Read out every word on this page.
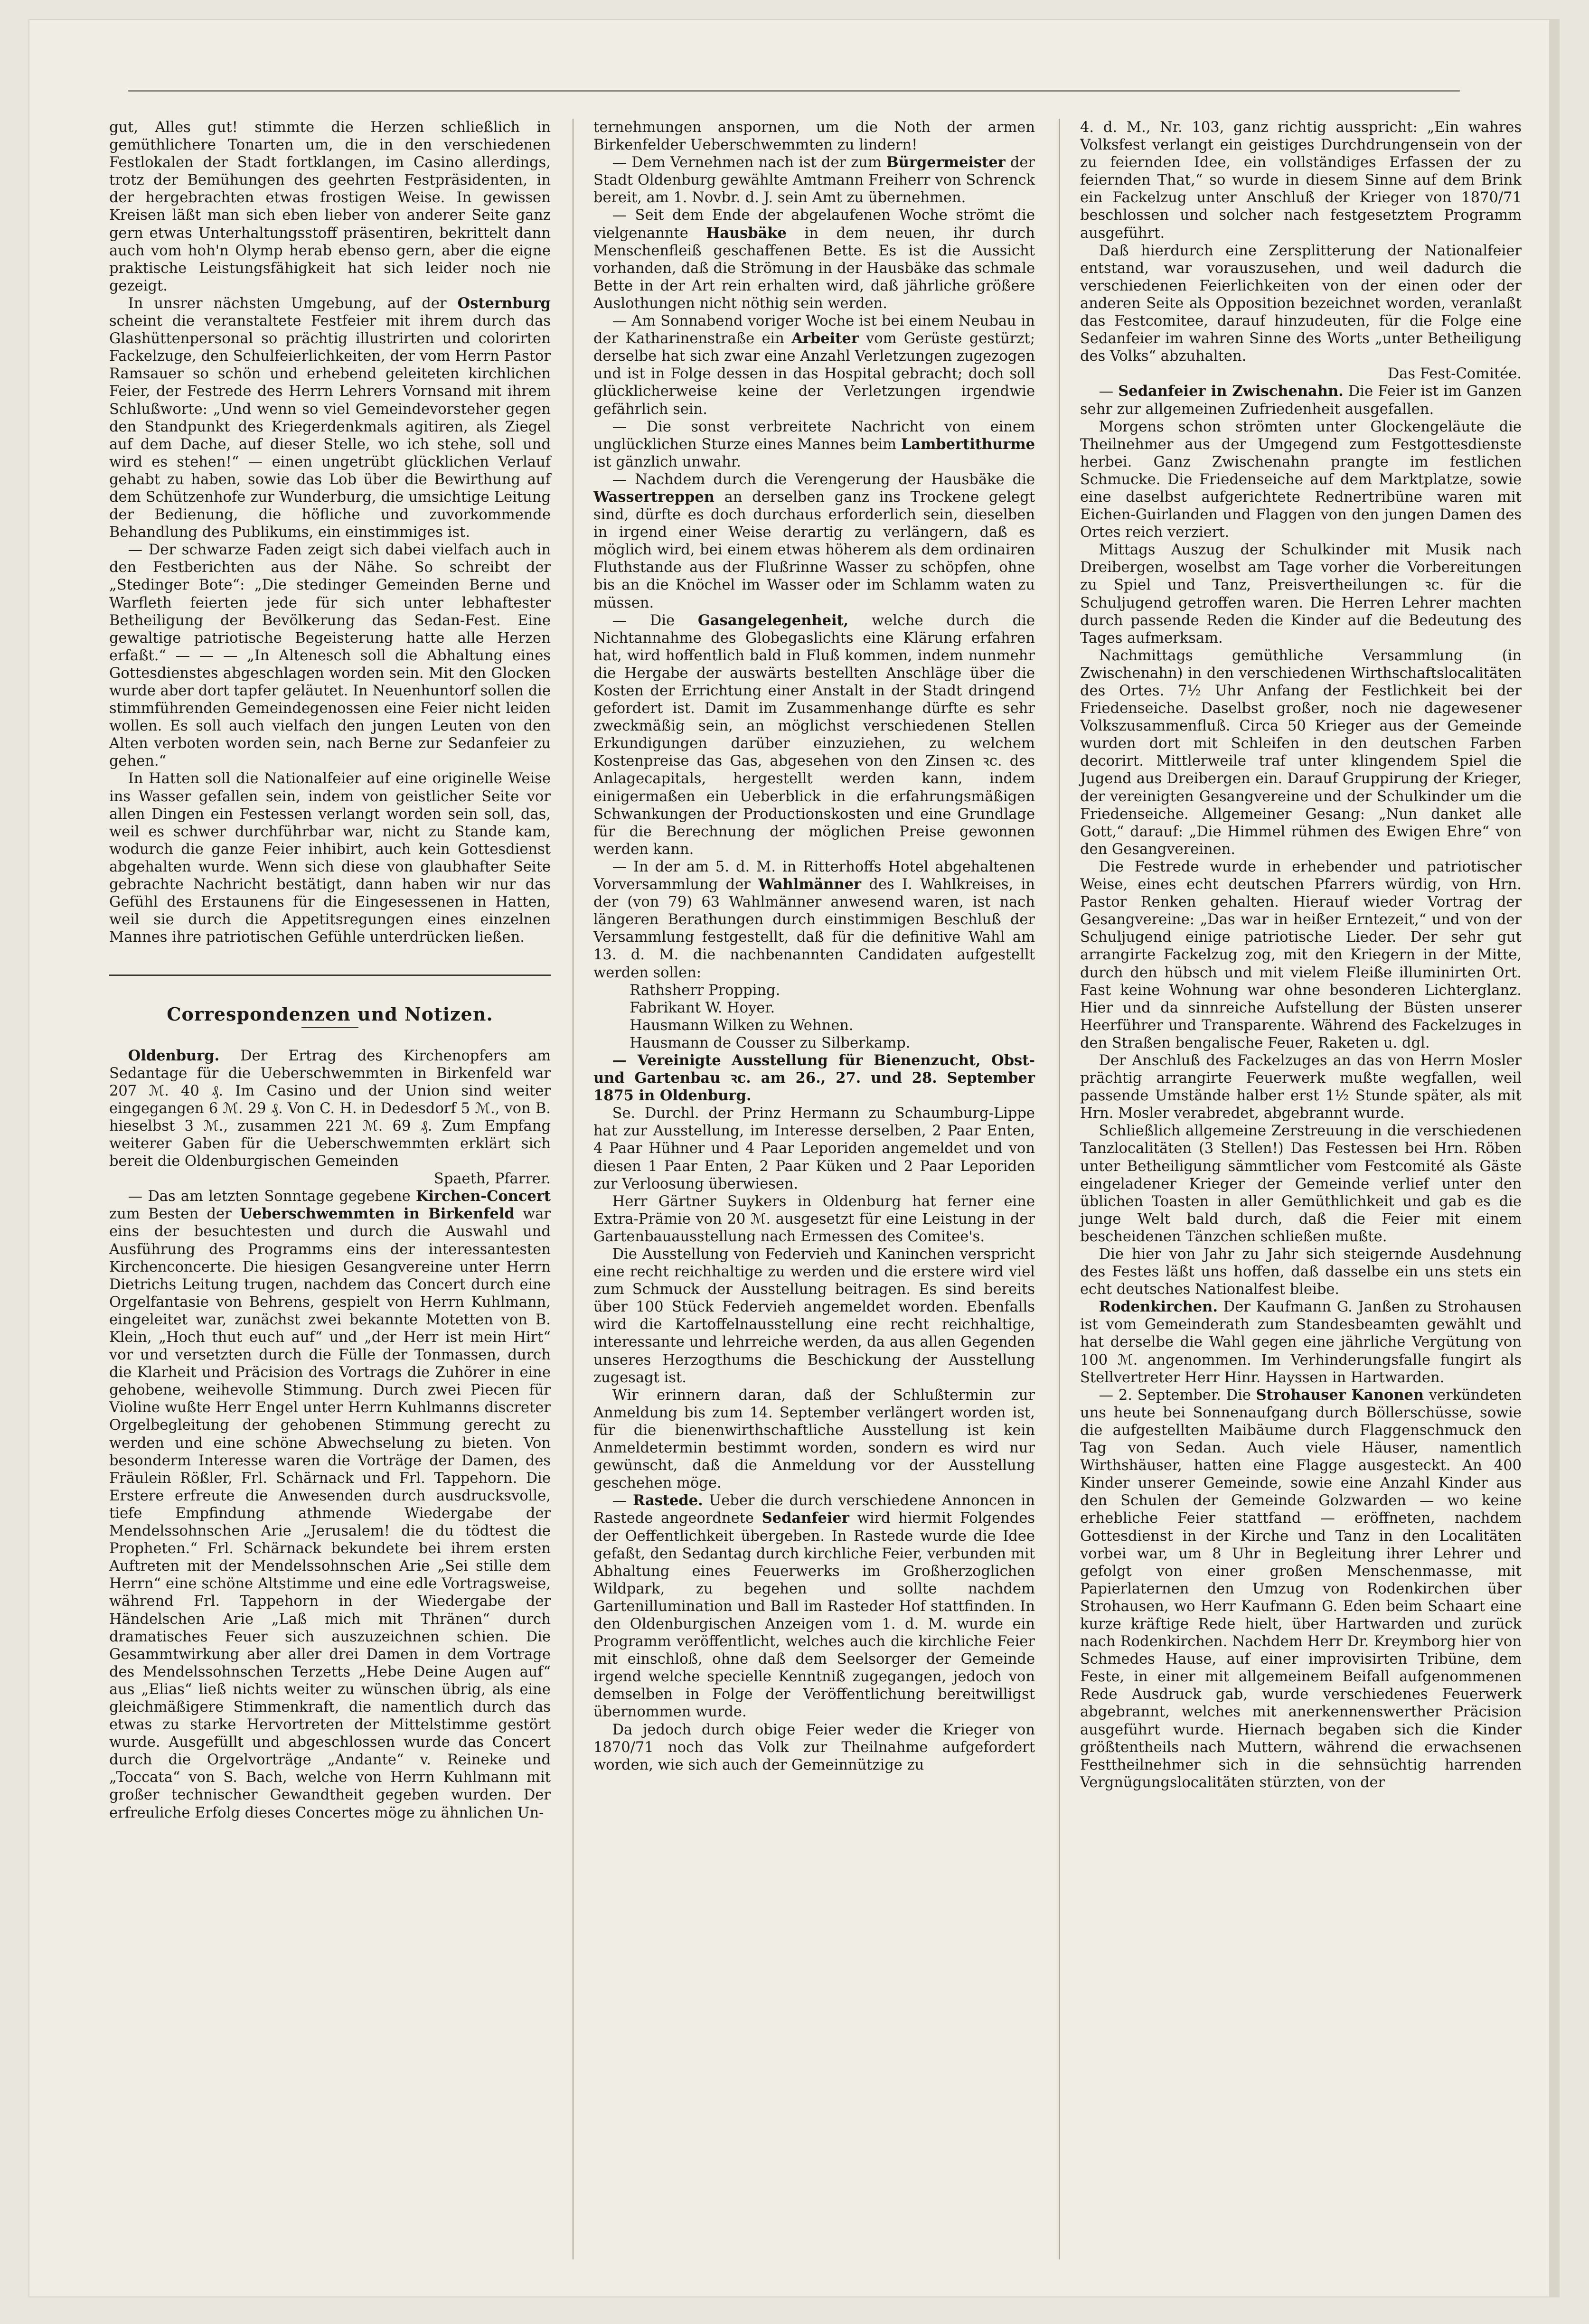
gut, Alles gut! stimmte die Herzen schließlich in gemüthlichere Tonarten um, die in den verschiedenen Festlokalen der Stadt fortklangen, im Casino allerdings, trotz der Bemühungen des geehrten Festpräsidenten, in der hergebrachten etwas frostigen Weise. In gewissen Kreisen läßt man sich eben lieber von anderer Seite ganz gern etwas Unterhaltungsstoff präsentiren, bekrittelt dann auch vom hoh'n Olymp herab ebenso gern, aber die eigne praktische Leistungsfähigkeit hat sich leider noch nie gezeigt.

In unsrer nächsten Umgebung, auf der Osternburg scheint die veranstaltete Festfeier mit ihrem durch das Glashüttenpersonal so prächtig illustrirten und colorirten Fackelzuge, den Schulfeierlichkeiten, der vom Herrn Pastor Ramsauer so schön und erhebend geleiteten kirchlichen Feier, der Festrede des Herrn Lehrers Vornsand mit ihrem Schlußworte: „Und wenn so viel Gemeindevorsteher gegen den Standpunkt des Kriegerdenkmals agitiren, als Ziegel auf dem Dache, auf dieser Stelle, wo ich stehe, soll und wird es stehen!“ — einen ungetrübt glücklichen Verlauf gehabt zu haben, sowie das Lob über die Bewirthung auf dem Schützenhofe zur Wunderburg, die umsichtige Leitung der Bedienung, die höfliche und zuvorkommende Behandlung des Publikums, ein einstimmiges ist.

— Der schwarze Faden zeigt sich dabei vielfach auch in den Festberichten aus der Nähe. So schreibt der „Stedinger Bote“: „Die stedinger Gemeinden Berne und Warfleth feierten jede für sich unter lebhaftester Betheiligung der Bevölkerung das Sedan-Fest. Eine gewaltige patriotische Begeisterung hatte alle Herzen erfaßt.“ — — — „In Altenesch soll die Abhaltung eines Gottesdienstes abgeschlagen worden sein. Mit den Glocken wurde aber dort tapfer geläutet. In Neuenhuntorf sollen die stimmführenden Gemeindegenossen eine Feier nicht leiden wollen. Es soll auch vielfach den jungen Leuten von den Alten verboten worden sein, nach Berne zur Sedanfeier zu gehen.“

In Hatten soll die Nationalfeier auf eine originelle Weise ins Wasser gefallen sein, indem von geistlicher Seite vor allen Dingen ein Festessen verlangt worden sein soll, das, weil es schwer durchführbar war, nicht zu Stande kam, wodurch die ganze Feier inhibirt, auch kein Gottesdienst abgehalten wurde. Wenn sich diese von glaubhafter Seite gebrachte Nachricht bestätigt, dann haben wir nur das Gefühl des Erstaunens für die Eingesessenen in Hatten, weil sie durch die Appetitsregungen eines einzelnen Mannes ihre patriotischen Gefühle unterdrücken ließen.

Correspondenzen und Notizen.

Oldenburg. Der Ertrag des Kirchenopfers am Sedantage für die Ueberschwemmten in Birkenfeld war 207 ℳ. 40 ₰. Im Casino und der Union sind weiter eingegangen 6 ℳ. 29 ₰. Von C. H. in Dedesdorf 5 ℳ., von B. hieselbst 3 ℳ., zusammen 221 ℳ. 69 ₰. Zum Empfang weiterer Gaben für die Ueberschwemmten erklärt sich bereit die Oldenburgischen Gemeinden

Spaeth, Pfarrer.

— Das am letzten Sonntage gegebene Kirchen-Concert zum Besten der Ueberschwemmten in Birkenfeld war eins der besuchtesten und durch die Auswahl und Ausführung des Programms eins der interessantesten Kirchenconcerte. Die hiesigen Gesangvereine unter Herrn Dietrichs Leitung trugen, nachdem das Concert durch eine Orgelfantasie von Behrens, gespielt von Herrn Kuhlmann, eingeleitet war, zunächst zwei bekannte Motetten von B. Klein, „Hoch thut euch auf“ und „der Herr ist mein Hirt“ vor und versetzten durch die Fülle der Tonmassen, durch die Klarheit und Präcision des Vortrags die Zuhörer in eine gehobene, weihevolle Stimmung. Durch zwei Piecen für Violine wußte Herr Engel unter Herrn Kuhlmanns discreter Orgelbegleitung der gehobenen Stimmung gerecht zu werden und eine schöne Abwechselung zu bieten. Von besonderm Interesse waren die Vorträge der Damen, des Fräulein Rößler, Frl. Schärnack und Frl. Tappehorn. Die Erstere erfreute die Anwesenden durch ausdrucksvolle, tiefe Empfindung athmende Wiedergabe der Mendelssohnschen Arie „Jerusalem! die du tödtest die Propheten.“ Frl. Schärnack bekundete bei ihrem ersten Auftreten mit der Mendelssohnschen Arie „Sei stille dem Herrn“ eine schöne Altstimme und eine edle Vortragsweise, während Frl. Tappehorn in der Wiedergabe der Händelschen Arie „Laß mich mit Thränen“ durch dramatisches Feuer sich auszuzeichnen schien. Die Gesammtwirkung aber aller drei Damen in dem Vortrage des Mendelssohnschen Terzetts „Hebe Deine Augen auf“ aus „Elias“ ließ nichts weiter zu wünschen übrig, als eine gleichmäßigere Stimmenkraft, die namentlich durch das etwas zu starke Hervortreten der Mittelstimme gestört wurde. Ausgefüllt und abgeschlossen wurde das Concert durch die Orgelvorträge „Andante“ v. Reineke und „Toccata“ von S. Bach, welche von Herrn Kuhlmann mit großer technischer Gewandtheit gegeben wurden. Der erfreuliche Erfolg dieses Concertes möge zu ähnlichen Un-

ternehmungen anspornen, um die Noth der armen Birkenfelder Ueberschwemmten zu lindern!

— Dem Vernehmen nach ist der zum Bürgermeister der Stadt Oldenburg gewählte Amtmann Freiherr von Schrenck bereit, am 1. Novbr. d. J. sein Amt zu übernehmen.

— Seit dem Ende der abgelaufenen Woche strömt die vielgenannte Hausbäke in dem neuen, ihr durch Menschenfleiß geschaffenen Bette. Es ist die Aussicht vorhanden, daß die Strömung in der Hausbäke das schmale Bette in der Art rein erhalten wird, daß jährliche größere Auslothungen nicht nöthig sein werden.

— Am Sonnabend voriger Woche ist bei einem Neubau in der Katharinenstraße ein Arbeiter vom Gerüste gestürzt; derselbe hat sich zwar eine Anzahl Verletzungen zugezogen und ist in Folge dessen in das Hospital gebracht; doch soll glücklicherweise keine der Verletzungen irgendwie gefährlich sein.

— Die sonst verbreitete Nachricht von einem unglücklichen Sturze eines Mannes beim Lambertithurme ist gänzlich unwahr.

— Nachdem durch die Verengerung der Hausbäke die Wassertreppen an derselben ganz ins Trockene gelegt sind, dürfte es doch durchaus erforderlich sein, dieselben in irgend einer Weise derartig zu verlängern, daß es möglich wird, bei einem etwas höherem als dem ordinairen Fluthstande aus der Flußrinne Wasser zu schöpfen, ohne bis an die Knöchel im Wasser oder im Schlamm waten zu müssen.

— Die Gasangelegenheit, welche durch die Nichtannahme des Globegaslichts eine Klärung erfahren hat, wird hoffentlich bald in Fluß kommen, indem nunmehr die Hergabe der auswärts bestellten Anschläge über die Kosten der Errichtung einer Anstalt in der Stadt dringend gefordert ist. Damit im Zusammenhange dürfte es sehr zweckmäßig sein, an möglichst verschiedenen Stellen Erkundigungen darüber einzuziehen, zu welchem Kostenpreise das Gas, abgesehen von den Zinsen ꝛc. des Anlagecapitals, hergestellt werden kann, indem einigermaßen ein Ueberblick in die erfahrungsmäßigen Schwankungen der Productionskosten und eine Grundlage für die Berechnung der möglichen Preise gewonnen werden kann.

— In der am 5. d. M. in Ritterhoffs Hotel abgehaltenen Vorversammlung der Wahlmänner des I. Wahlkreises, in der (von 79) 63 Wahlmänner anwesend waren, ist nach längeren Berathungen durch einstimmigen Beschluß der Versammlung festgestellt, daß für die definitive Wahl am 13. d. M. die nachbenannten Candidaten aufgestellt werden sollen:

Rathsherr Propping.

Fabrikant W. Hoyer.

Hausmann Wilken zu Wehnen.

Hausmann de Cousser zu Silberkamp.

— Vereinigte Ausstellung für Bienenzucht, Obst- und Gartenbau ꝛc. am 26., 27. und 28. September 1875 in Oldenburg.

Se. Durchl. der Prinz Hermann zu Schaumburg-Lippe hat zur Ausstellung, im Interesse derselben, 2 Paar Enten, 4 Paar Hühner und 4 Paar Leporiden angemeldet und von diesen 1 Paar Enten, 2 Paar Küken und 2 Paar Leporiden zur Verloosung überwiesen.

Herr Gärtner Suykers in Oldenburg hat ferner eine Extra-Prämie von 20 ℳ. ausgesetzt für eine Leistung in der Gartenbauausstellung nach Ermessen des Comitee's.

Die Ausstellung von Federvieh und Kaninchen verspricht eine recht reichhaltige zu werden und die erstere wird viel zum Schmuck der Ausstellung beitragen. Es sind bereits über 100 Stück Federvieh angemeldet worden. Ebenfalls wird die Kartoffelnausstellung eine recht reichhaltige, interessante und lehrreiche werden, da aus allen Gegenden unseres Herzogthums die Beschickung der Ausstellung zugesagt ist.

Wir erinnern daran, daß der Schlußtermin zur Anmeldung bis zum 14. September verlängert worden ist, für die bienenwirthschaftliche Ausstellung ist kein Anmeldetermin bestimmt worden, sondern es wird nur gewünscht, daß die Anmeldung vor der Ausstellung geschehen möge.

— Rastede. Ueber die durch verschiedene Annoncen in Rastede angeordnete Sedanfeier wird hiermit Folgendes der Oeffentlichkeit übergeben. In Rastede wurde die Idee gefaßt, den Sedantag durch kirchliche Feier, verbunden mit Abhaltung eines Feuerwerks im Großherzoglichen Wildpark, zu begehen und sollte nachdem Gartenillumination und Ball im Rasteder Hof stattfinden. In den Oldenburgischen Anzeigen vom 1. d. M. wurde ein Programm veröffentlicht, welches auch die kirchliche Feier mit einschloß, ohne daß dem Seelsorger der Gemeinde irgend welche specielle Kenntniß zugegangen, jedoch von demselben in Folge der Veröffentlichung bereitwilligst übernommen wurde.

Da jedoch durch obige Feier weder die Krieger von 1870/71 noch das Volk zur Theilnahme aufgefordert worden, wie sich auch der Gemeinnützige zu

4. d. M., Nr. 103, ganz richtig ausspricht: „Ein wahres Volksfest verlangt ein geistiges Durchdrungensein von der zu feiernden Idee, ein vollständiges Erfassen der zu feiernden That,“ so wurde in diesem Sinne auf dem Brink ein Fackelzug unter Anschluß der Krieger von 1870/71 beschlossen und solcher nach festgesetztem Programm ausgeführt.

Daß hierdurch eine Zersplitterung der Nationalfeier entstand, war vorauszusehen, und weil dadurch die verschiedenen Feierlichkeiten von der einen oder der anderen Seite als Opposition bezeichnet worden, veranlaßt das Festcomitee, darauf hinzudeuten, für die Folge eine Sedanfeier im wahren Sinne des Worts „unter Betheiligung des Volks“ abzuhalten.

Das Fest-Comitée.

— Sedanfeier in Zwischenahn. Die Feier ist im Ganzen sehr zur allgemeinen Zufriedenheit ausgefallen.

Morgens schon strömten unter Glockengeläute die Theilnehmer aus der Umgegend zum Festgottesdienste herbei. Ganz Zwischenahn prangte im festlichen Schmucke. Die Friedenseiche auf dem Marktplatze, sowie eine daselbst aufgerichtete Rednertribüne waren mit Eichen-Guirlanden und Flaggen von den jungen Damen des Ortes reich verziert.

Mittags Auszug der Schulkinder mit Musik nach Dreibergen, woselbst am Tage vorher die Vorbereitungen zu Spiel und Tanz, Preisvertheilungen ꝛc. für die Schuljugend getroffen waren. Die Herren Lehrer machten durch passende Reden die Kinder auf die Bedeutung des Tages aufmerksam.

Nachmittags gemüthliche Versammlung (in Zwischenahn) in den verschiedenen Wirthschaftslocalitäten des Ortes. 7½ Uhr Anfang der Festlichkeit bei der Friedenseiche. Daselbst großer, noch nie dagewesener Volkszusammenfluß. Circa 50 Krieger aus der Gemeinde wurden dort mit Schleifen in den deutschen Farben decorirt. Mittlerweile traf unter klingendem Spiel die Jugend aus Dreibergen ein. Darauf Gruppirung der Krieger, der vereinigten Gesangvereine und der Schulkinder um die Friedenseiche. Allgemeiner Gesang: „Nun danket alle Gott,“ darauf: „Die Himmel rühmen des Ewigen Ehre“ von den Gesangvereinen.

Die Festrede wurde in erhebender und patriotischer Weise, eines echt deutschen Pfarrers würdig, von Hrn. Pastor Renken gehalten. Hierauf wieder Vortrag der Gesangvereine: „Das war in heißer Erntezeit,“ und von der Schuljugend einige patriotische Lieder. Der sehr gut arrangirte Fackelzug zog, mit den Kriegern in der Mitte, durch den hübsch und mit vielem Fleiße illuminirten Ort. Fast keine Wohnung war ohne besonderen Lichterglanz. Hier und da sinnreiche Aufstellung der Büsten unserer Heerführer und Transparente. Während des Fackelzuges in den Straßen bengalische Feuer, Raketen u. dgl.

Der Anschluß des Fackelzuges an das von Herrn Mosler prächtig arrangirte Feuerwerk mußte wegfallen, weil passende Umstände halber erst 1½ Stunde später, als mit Hrn. Mosler verabredet, abgebrannt wurde.

Schließlich allgemeine Zerstreuung in die verschiedenen Tanzlocalitäten (3 Stellen!) Das Festessen bei Hrn. Röben unter Betheiligung sämmtlicher vom Festcomité als Gäste eingeladener Krieger der Gemeinde verlief unter den üblichen Toasten in aller Gemüthlichkeit und gab es die junge Welt bald durch, daß die Feier mit einem bescheidenen Tänzchen schließen mußte.

Die hier von Jahr zu Jahr sich steigernde Ausdehnung des Festes läßt uns hoffen, daß dasselbe ein uns stets ein echt deutsches Nationalfest bleibe.

Rodenkirchen. Der Kaufmann G. Janßen zu Strohausen ist vom Gemeinderath zum Standesbeamten gewählt und hat derselbe die Wahl gegen eine jährliche Vergütung von 100 ℳ. angenommen. Im Verhinderungsfalle fungirt als Stellvertreter Herr Hinr. Hayssen in Hartwarden.

— 2. September. Die Strohauser Kanonen verkündeten uns heute bei Sonnenaufgang durch Böllerschüsse, sowie die aufgestellten Maibäume durch Flaggenschmuck den Tag von Sedan. Auch viele Häuser, namentlich Wirthshäuser, hatten eine Flagge ausgesteckt. An 400 Kinder unserer Gemeinde, sowie eine Anzahl Kinder aus den Schulen der Gemeinde Golzwarden — wo keine erhebliche Feier stattfand — eröffneten, nachdem Gottesdienst in der Kirche und Tanz in den Localitäten vorbei war, um 8 Uhr in Begleitung ihrer Lehrer und gefolgt von einer großen Menschenmasse, mit Papierlaternen den Umzug von Rodenkirchen über Strohausen, wo Herr Kaufmann G. Eden beim Schaart eine kurze kräftige Rede hielt, über Hartwarden und zurück nach Rodenkirchen. Nachdem Herr Dr. Kreymborg hier von Schmedes Hause, auf einer improvisirten Tribüne, dem Feste, in einer mit allgemeinem Beifall aufgenommenen Rede Ausdruck gab, wurde verschiedenes Feuerwerk abgebrannt, welches mit anerkennenswerther Präcision ausgeführt wurde. Hiernach begaben sich die Kinder größtentheils nach Muttern, während die erwachsenen Festtheilnehmer sich in die sehnsüchtig harrenden Vergnügungslocalitäten stürzten, von der
